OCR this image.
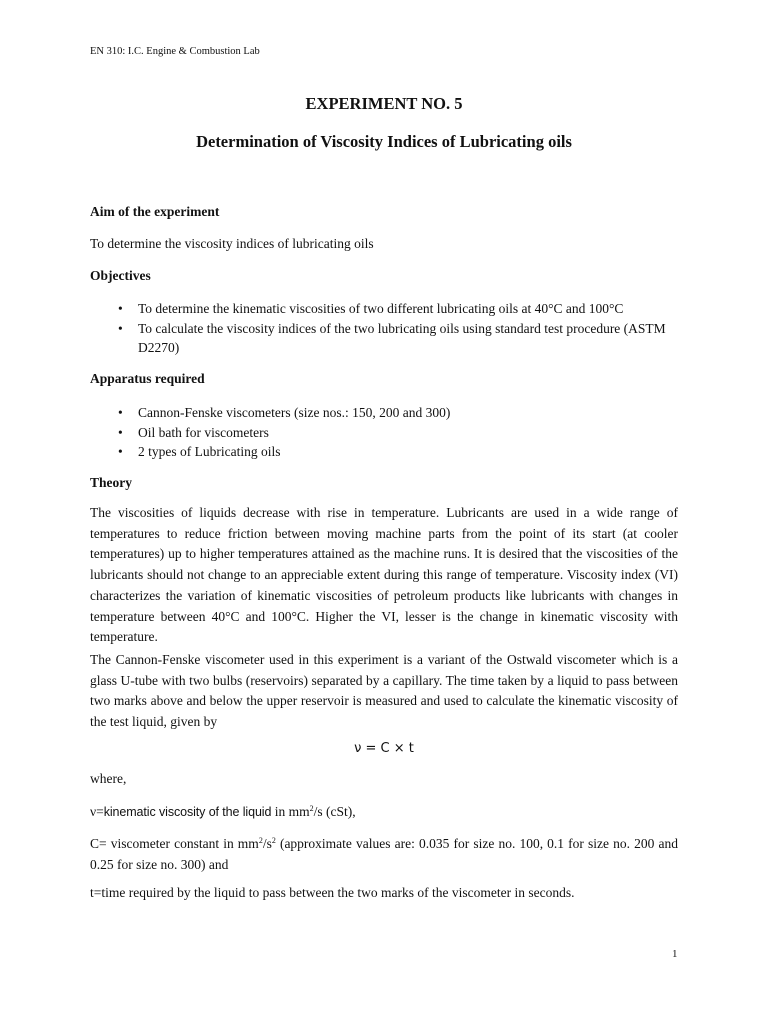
EN 310: I.C. Engine & Combustion Lab
EXPERIMENT NO. 5
Determination of Viscosity Indices of Lubricating oils
Aim of the experiment
To determine the viscosity indices of lubricating oils
Objectives
• To determine the kinematic viscosities of two different lubricating oils at 40°C and 100°C
• To calculate the viscosity indices of the two lubricating oils using standard test procedure (ASTM D2270)
Apparatus required
• Cannon-Fenske viscometers (size nos.: 150, 200 and 300)
• Oil bath for viscometers
• 2 types of Lubricating oils
Theory
The viscosities of liquids decrease with rise in temperature. Lubricants are used in a wide range of temperatures to reduce friction between moving machine parts from the point of its start (at cooler temperatures) up to higher temperatures attained as the machine runs. It is desired that the viscosities of the lubricants should not change to an appreciable extent during this range of temperature. Viscosity index (VI) characterizes the variation of kinematic viscosities of petroleum products like lubricants with changes in temperature between 40°C and 100°C. Higher the VI, lesser is the change in kinematic viscosity with temperature.
The Cannon-Fenske viscometer used in this experiment is a variant of the Ostwald viscometer which is a glass U-tube with two bulbs (reservoirs) separated by a capillary. The time taken by a liquid to pass between two marks above and below the upper reservoir is measured and used to calculate the kinematic viscosity of the test liquid, given by
ν = C × t
where,
ν=kinematic viscosity of the liquid in $mm^2/s$ (cSt),
C= viscometer constant in $mm^2/s^2$ (approximate values are: 0.035 for size no. 100, 0.1 for size no. 200 and 0.25 for size no. 300) and
t=time required by the liquid to pass between the two marks of the viscometer in seconds.
1
